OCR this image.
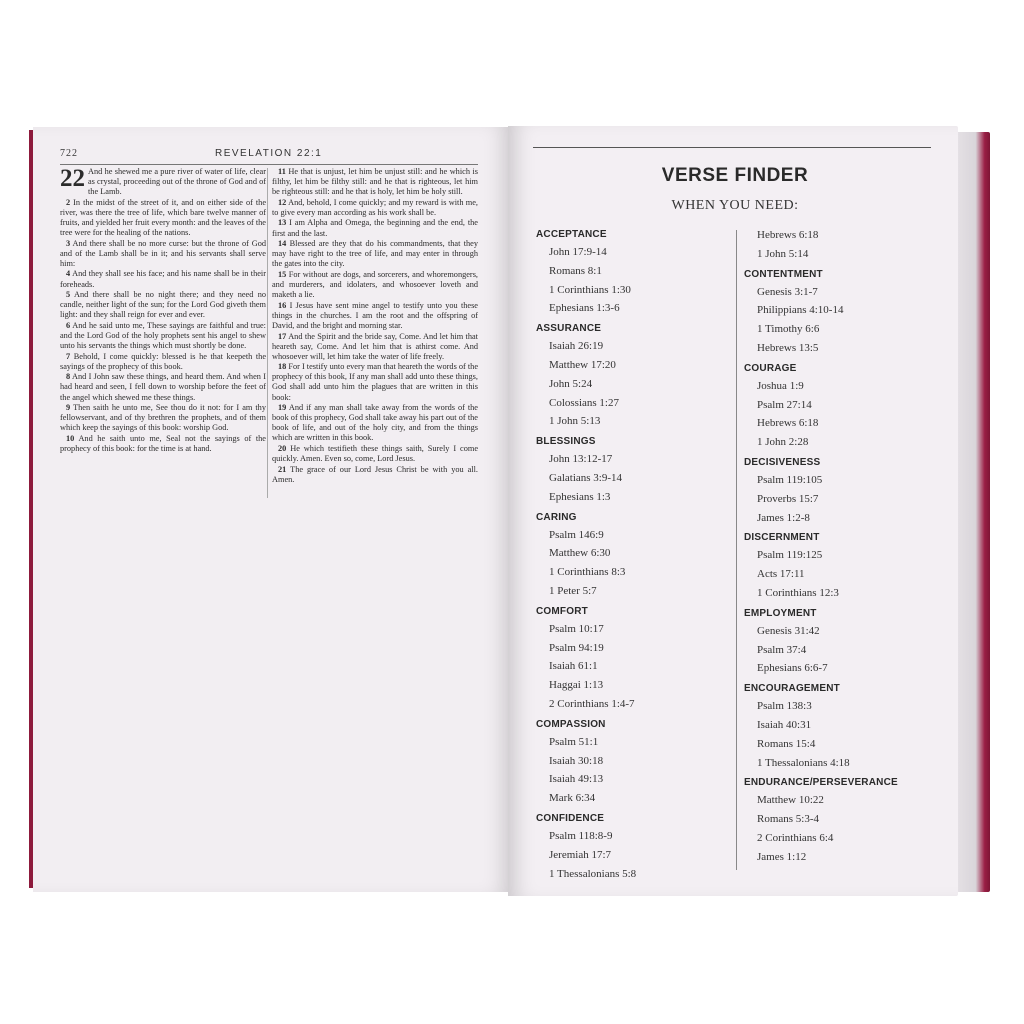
722	REVELATION 22:1
22 And he shewed me a pure river of water of life, clear as crystal, proceeding out of the throne of God and of the Lamb.

2 In the midst of the street of it, and on either side of the river, was there the tree of life, which bare twelve manner of fruits, and yielded her fruit every month: and the leaves of the tree were for the healing of the nations.

3 And there shall be no more curse: but the throne of God and of the Lamb shall be in it; and his servants shall serve him:

4 And they shall see his face; and his name shall be in their foreheads.

5 And there shall be no night there; and they need no candle, neither light of the sun; for the Lord God giveth them light: and they shall reign for ever and ever.

6 And he said unto me, These sayings are faithful and true: and the Lord God of the holy prophets sent his angel to shew unto his servants the things which must shortly be done.

7 Behold, I come quickly: blessed is he that keepeth the sayings of the prophecy of this book.

8 And I John saw these things, and heard them. And when I had heard and seen, I fell down to worship before the feet of the angel which shewed me these things.

9 Then saith he unto me, See thou do it not: for I am thy fellowservant, and of thy brethren the prophets, and of them which keep the sayings of this book: worship God.

10 And he saith unto me, Seal not the sayings of the prophecy of this book: for the time is at hand.

11 He that is unjust, let him be unjust still: and he which is filthy, let him be filthy still: and he that is righteous, let him be righteous still: and he that is holy, let him be holy still.

12 And, behold, I come quickly; and my reward is with me, to give every man according as his work shall be.

13 I am Alpha and Omega, the beginning and the end, the first and the last.

14 Blessed are they that do his commandments, that they may have right to the tree of life, and may enter in through the gates into the city.

15 For without are dogs, and sorcerers, and whoremongers, and murderers, and idolaters, and whosoever loveth and maketh a lie.

16 I Jesus have sent mine angel to testify unto you these things in the churches. I am the root and the offspring of David, and the bright and morning star.

17 And the Spirit and the bride say, Come. And let him that heareth say, Come. And let him that is athirst come. And whosoever will, let him take the water of life freely.

18 For I testify unto every man that heareth the words of the prophecy of this book, If any man shall add unto these things, God shall add unto him the plagues that are written in this book:

19 And if any man shall take away from the words of the book of this prophecy, God shall take away his part out of the book of life, and out of the holy city, and from the things which are written in this book.

20 He which testifieth these things saith, Surely I come quickly. Amen. Even so, come, Lord Jesus.

21 The grace of our Lord Jesus Christ be with you all. Amen.

VERSE FINDER
WHEN YOU NEED:
ACCEPTANCE
John 17:9-14
Romans 8:1
1 Corinthians 1:30
Ephesians 1:3-6
ASSURANCE
Isaiah 26:19
Matthew 17:20
John 5:24
Colossians 1:27
1 John 5:13
BLESSINGS
John 13:12-17
Galatians 3:9-14
Ephesians 1:3
CARING
Psalm 146:9
Matthew 6:30
1 Corinthians 8:3
1 Peter 5:7
COMFORT
Psalm 10:17
Psalm 94:19
Isaiah 61:1
Haggai 1:13
2 Corinthians 1:4-7
COMPASSION
Psalm 51:1
Isaiah 30:18
Isaiah 49:13
Mark 6:34
CONFIDENCE
Psalm 118:8-9
Jeremiah 17:7
1 Thessalonians 5:8
Hebrews 6:18
1 John 5:14
CONTENTMENT
Genesis 3:1-7
Philippians 4:10-14
1 Timothy 6:6
Hebrews 13:5
COURAGE
Joshua 1:9
Psalm 27:14
Hebrews 6:18
1 John 2:28
DECISIVENESS
Psalm 119:105
Proverbs 15:7
James 1:2-8
DISCERNMENT
Psalm 119:125
Acts 17:11
1 Corinthians 12:3
EMPLOYMENT
Genesis 31:42
Psalm 37:4
Ephesians 6:6-7
ENCOURAGEMENT
Psalm 138:3
Isaiah 40:31
Romans 15:4
1 Thessalonians 4:18
ENDURANCE/PERSEVERANCE
Matthew 10:22
Romans 5:3-4
2 Corinthians 6:4
James 1:12
